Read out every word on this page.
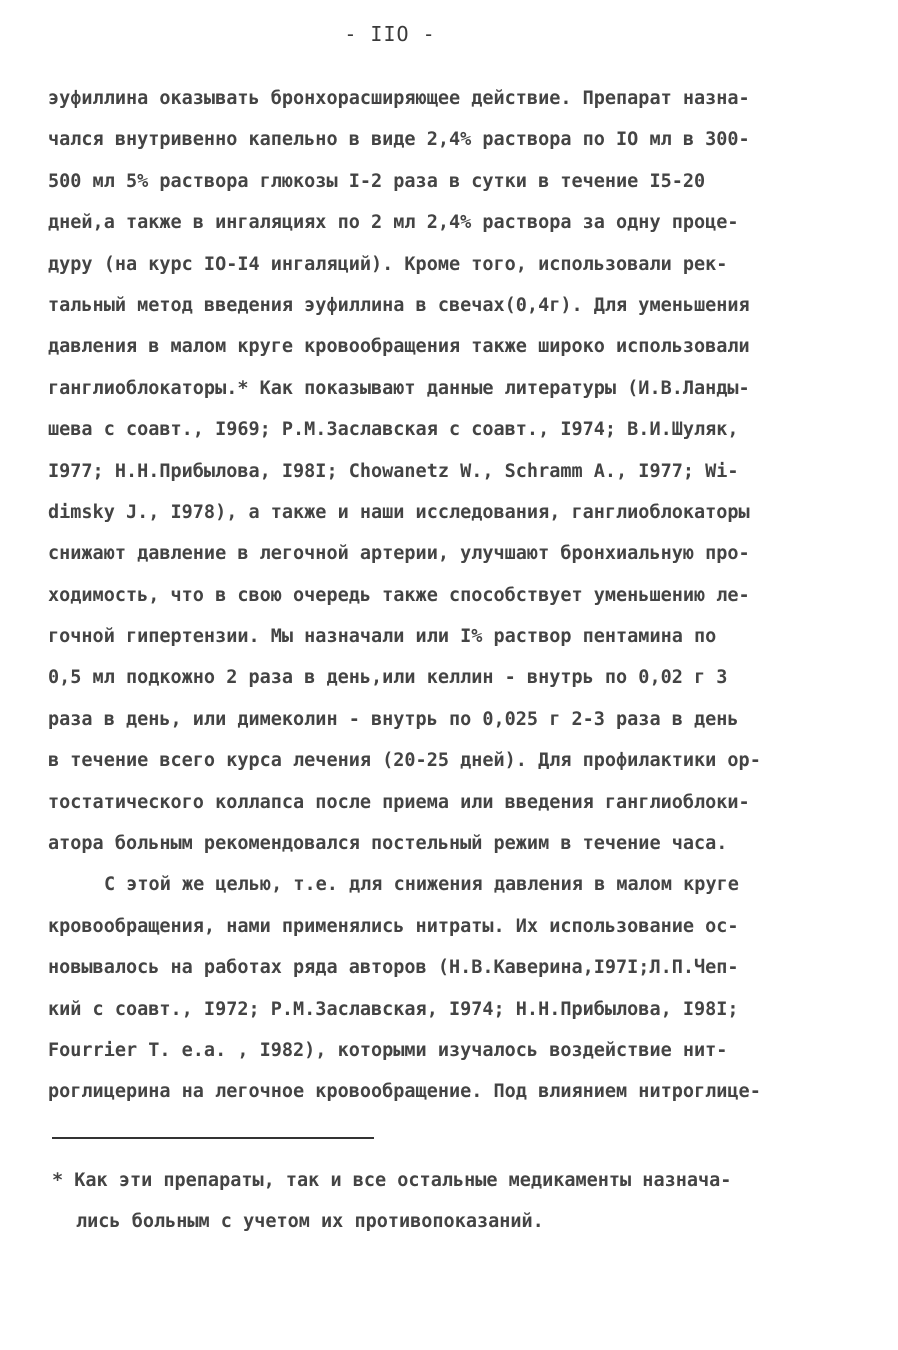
- IIO -
эуфиллина оказывать бронхорасширяющее действие. Препарат назна-
чался внутривенно капельно в виде 2,4% раствора по IО мл в 300-
500 мл 5% раствора глюкозы I-2 раза в сутки в течение I5-20
дней,а также в ингаляциях по 2 мл 2,4% раствора за одну проце-
дуру (на курс IО-I4 ингаляций). Кроме того, использовали рек-
тальный метод введения эуфиллина в свечах(0,4г). Для уменьшения
давления в малом круге кровообращения также широко использовали
ганглиоблокаторы.* Как показывают данные литературы (И.В.Ланды-
шева с соавт., I969; Р.М.Заславская с соавт., I974; В.И.Шуляк,
I977; Н.Н.Прибылова, I98I; Chowanetz W., Schramm A., I977; Wi-
dimsky J., I978), а также и наши исследования, ганглиоблокаторы
снижают давление в легочной артерии, улучшают бронхиальную про-
ходимость, что в свою очередь также способствует уменьшению ле-
гочной гипертензии. Мы назначали или I% раствор пентамина по
0,5 мл подкожно 2 раза в день,или келлин - внутрь по 0,02 г 3
раза в день, или димеколин - внутрь по 0,025 г 2-3 раза в день
в течение всего курса лечения (20-25 дней). Для профилактики ор-
тостатического коллапса после приема или введения ганглиоблоки-
атора больным рекомендовался постельный режим в течение часа.
С этой же целью, т.е. для снижения давления в малом круге
кровообращения, нами применялись нитраты. Их использование ос-
новывалось на работах ряда авторов (Н.В.Каверина,I97I;Л.П.Чеп-
кий с соавт., I972; Р.М.Заславская, I974; Н.Н.Прибылова, I98I;
Fourrier T. e.a. , I982), которыми изучалось воздействие нит-
роглицерина на легочное кровообращение. Под влиянием нитроглице-
* Как эти препараты, так и все остальные медикаменты назнача-
лись больным с учетом их противопоказаний.
